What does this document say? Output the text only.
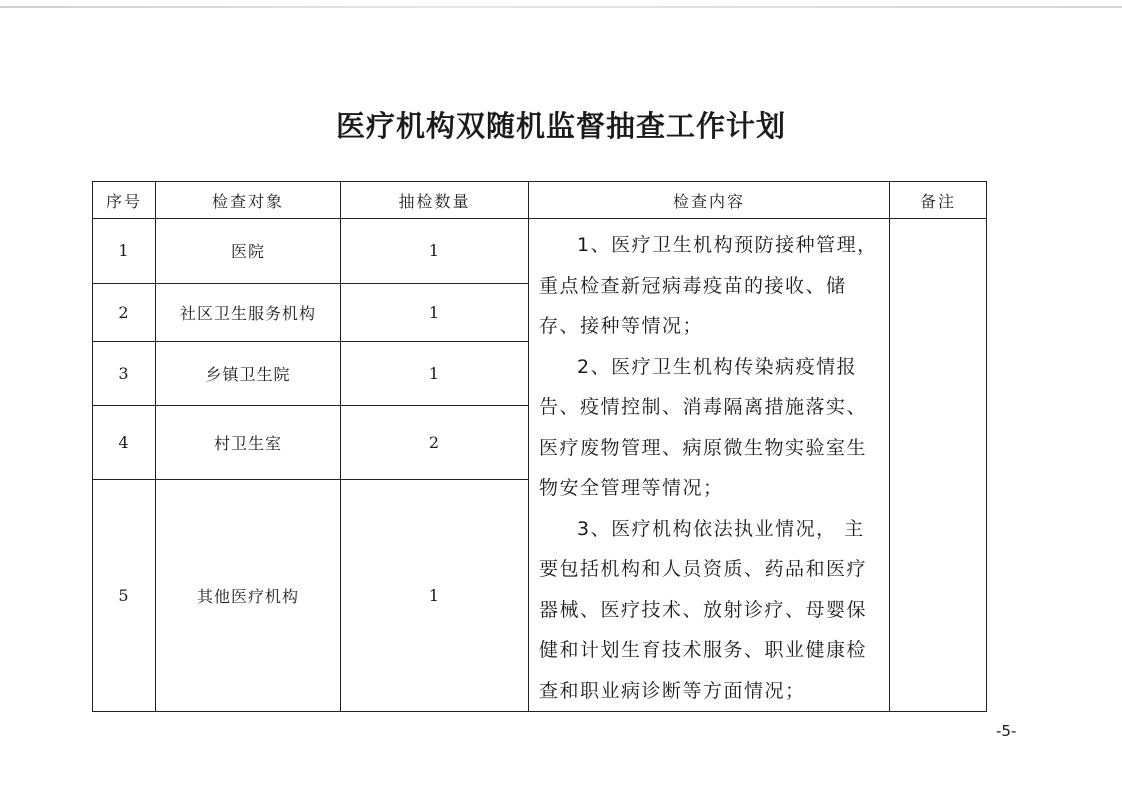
医疗机构双随机监督抽查工作计划
序号	检查对象	抽检数量	检查内容	备注
1	医院	1	1、医疗卫生机构预防接种管理，重点检查新冠病毒疫苗的接收、储存、接种等情况；

2、医疗卫生机构传染病疫情报告、疫情控制、消毒隔离措施落实、医疗废物管理、病原微生物实验室生物安全管理等情况；

3、医疗机构依法执业情况， 主要包括机构和人员资质、药品和医疗器械、医疗技术、放射诊疗、母婴保健和计划生育技术服务、职业健康检查和职业病诊断等方面情况；	

2	社区卫生服务机构	1		
3	乡镇卫生院	1		
4	村卫生室	2		
5	其他医疗机构	1		
-5-
